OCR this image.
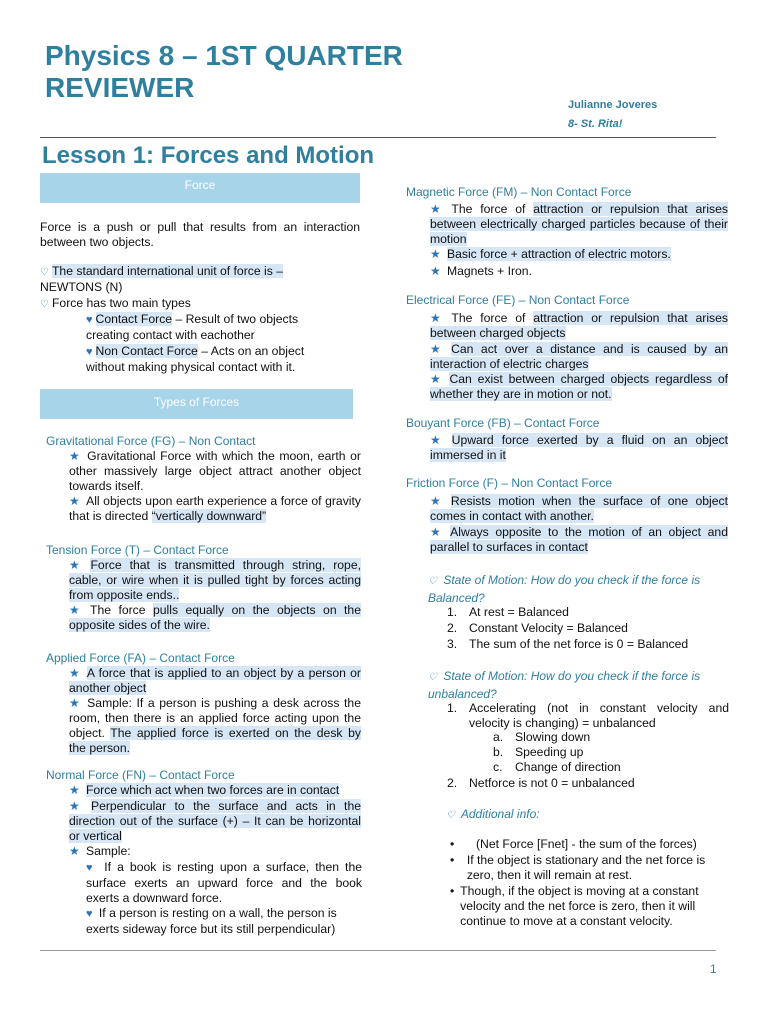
Physics 8 – 1ST QUARTER
REVIEWER
Julianne Joveres
8- St. Rita!
Lesson 1: Forces and Motion
Force
Force is a push or pull that results from an interaction between two objects.
♡ The standard international unit of force is –
NEWTONS (N)
♡ Force has two main types
♥ Contact Force – Result of two objects
creating contact with eachother
♥ Non Contact Force – Acts on an object
without making physical contact with it.
Types of Forces
Gravitational Force (FG) – Non Contact
★ Gravitational Force with which the moon, earth or other massively large object attract another object towards itself.
★ All objects upon earth experience a force of gravity that is directed “vertically downward”
Tension Force (T) – Contact Force
★ Force that is transmitted through string, rope, cable, or wire when it is pulled tight by forces acting from opposite ends..
★ The force pulls equally on the objects on the opposite sides of the wire.
Applied Force (FA) – Contact Force
★ A force that is applied to an object by a person or another object
★ Sample: If a person is pushing a desk across the room, then there is an applied force acting upon the object. The applied force is exerted on the desk by the person.
Normal Force (FN) – Contact Force
★ Force which act when two forces are in contact
★ Perpendicular to the surface and acts in the direction out of the surface (+) – It can be horizontal or vertical
★ Sample:
♥ If a book is resting upon a surface, then the surface exerts an upward force and the book exerts a downward force.
♥ If a person is resting on a wall, the person is exerts sideway force but its still perpendicular)
Magnetic Force (FM) – Non Contact Force
★ The force of attraction or repulsion that arises between electrically charged particles because of their motion
★ Basic force + attraction of electric motors.
★ Magnets + Iron.
Electrical Force (FE) – Non Contact Force
★ The force of attraction or repulsion that arises between charged objects
★ Can act over a distance and is caused by an interaction of electric charges
★ Can exist between charged objects regardless of whether they are in motion or not.
Bouyant Force (FB) – Contact Force
★ Upward force exerted by a fluid on an object immersed in it
Friction Force (F) – Non Contact Force
★ Resists motion when the surface of one object comes in contact with another.
★ Always opposite to the motion of an object and parallel to surfaces in contact
♡ State of Motion: How do you check if the force is Balanced?
1. At rest = Balanced
2. Constant Velocity = Balanced
3. The sum of the net force is 0 = Balanced
♡ State of Motion: How do you check if the force is unbalanced?
1. Accelerating (not in constant velocity and velocity is changing) = unbalanced
a. Slowing down
b. Speeding up
c. Change of direction
2. Netforce is not 0 = unbalanced
♡ Additional info:
•	(Net Force [Fnet] - the sum of the forces)
•	If the object is stationary and the net force is zero, then it will remain at rest.
• Though, if the object is moving at a constant velocity and the net force is zero, then it will continue to move at a constant velocity.
1
